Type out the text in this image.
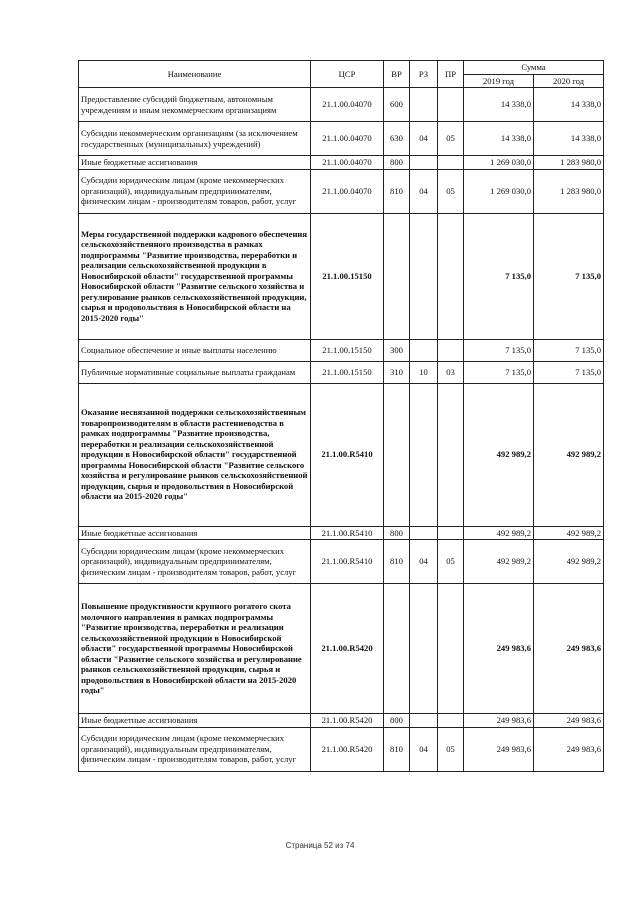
Наименование	ЦСР	ВР	РЗ	ПР	Сумма	
					2019 год	2020 год
Предоставление субсидий бюджетным, автономным учреждениям и иным некоммерческим организациям	21.1.00.04070	600			14 338,0	14 338,0
Субсидии некоммерческим организациям (за исключением государственных (муниципальных) учреждений)	21.1.00.04070	630	04	05	14 338,0	14 338,0
Иные бюджетные ассигнования	21.1.00.04070	800			1 269 030,0	1 283 980,0
Субсидии юридическим лицам (кроме некоммерческих организаций), индивидуальным предпринимателям, физическим лицам - производителям товаров, работ, услуг	21.1.00.04070	810	04	05	1 269 030,0	1 283 980,0
Меры государственной поддержки кадрового обеспечения сельскохозяйственного производства в рамках подпрограммы "Развитие производства, переработки и реализации сельскохозяйственной продукции в Новосибирской области" государственной программы Новосибирской области "Развитие сельского хозяйства и регулирование рынков сельскохозяйственной продукции, сырья и продовольствия в Новосибирской области на 2015-2020 годы"	21.1.00.15150				7 135,0	7 135,0
Социальное обеспечение и иные выплаты населению	21.1.00.15150	300			7 135,0	7 135,0
Публичные нормативные социальные выплаты гражданам	21.1.00.15150	310	10	03	7 135,0	7 135,0
Оказание несвязанной поддержки сельскохозяйственным товаропроизводителям в области растениеводства в рамках подпрограммы "Развитие производства, переработки и реализации сельскохозяйственной продукции в Новосибирской области" государственной программы Новосибирской области "Развитие сельского хозяйства и регулирование рынков сельскохозяйственной продукции, сырья и продовольствия в Новосибирской области на 2015-2020 годы"	21.1.00.R5410				492 989,2	492 989,2
Иные бюджетные ассигнования	21.1.00.R5410	800			492 989,2	492 989,2
Субсидии юридическим лицам (кроме некоммерческих организаций), индивидуальным предпринимателям, физическим лицам - производителям товаров, работ, услуг	21.1.00.R5410	810	04	05	492 989,2	492 989,2
Повышение продуктивности крупного рогатого скота молочного направления в рамках подпрограммы "Развитие производства, переработки и реализации сельскохозяйственной продукции в Новосибирской области" государственной программы Новосибирской области "Развитие сельского хозяйства и регулирование рынков сельскохозяйственной продукции, сырья и продовольствия в Новосибирской области на 2015-2020 годы"	21.1.00.R5420				249 983,6	249 983,6
Иные бюджетные ассигнования	21.1.00.R5420	800			249 983,6	249 983,6
Субсидии юридическим лицам (кроме некоммерческих организаций), индивидуальным предпринимателям, физическим лицам - производителям товаров, работ, услуг	21.1.00.R5420	810	04	05	249 983,6	249 983,6
Страница 52 из 74
